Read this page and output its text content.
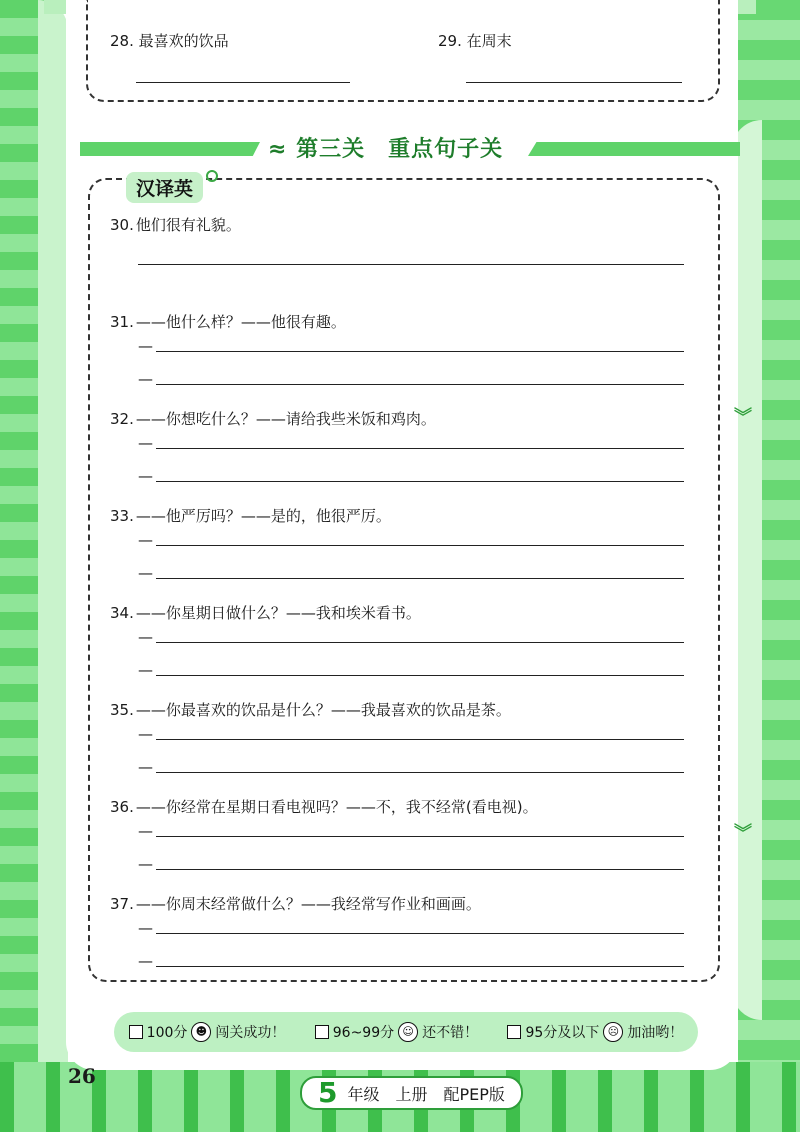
︾
︾
28. 最喜欢的饮品	29. 在周末
≈ 第三关　重点句子关
汉译英
30. 他们很有礼貌。
31. ——他什么样？——他很有趣。
—
—
32. ——你想吃什么？——请给我些米饭和鸡肉。
—
—
33. ——他严厉吗？——是的，他很严厉。
—
—
34. ——你星期日做什么？——我和埃米看书。
—
—
35. ——你最喜欢的饮品是什么？——我最喜欢的饮品是茶。
—
—
36. ——你经常在星期日看电视吗？——不，我不经常(看电视)。
—
—
37. ——你周末经常做什么？——我经常写作业和画画。
—
—
100分 ☻ 闯关成功！	96~99分 ☺ 还不错！	95分及以下 ☹ 加油哟！
26	5 年级　上册　配PEP版
